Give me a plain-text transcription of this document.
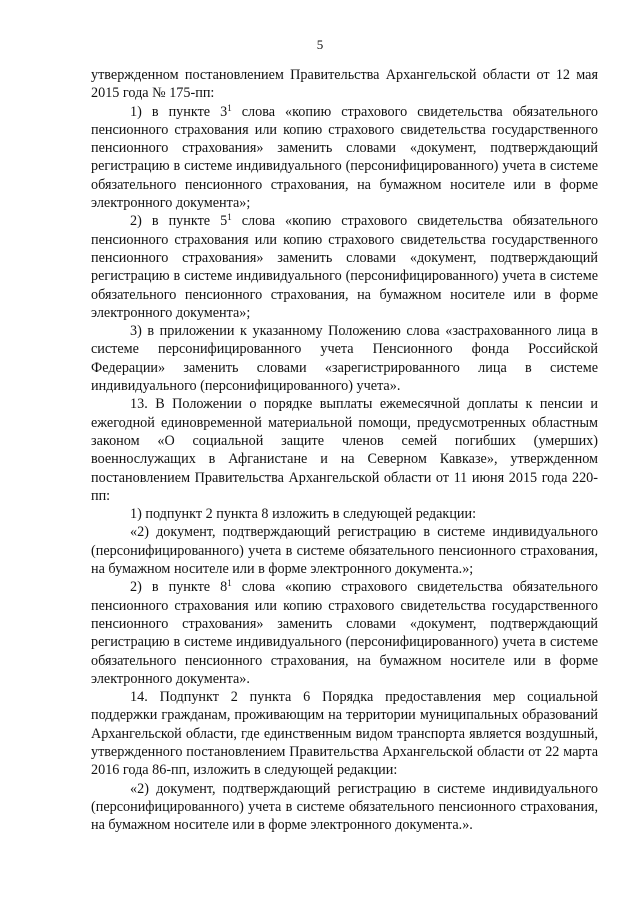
5

утвержденном постановлением Правительства Архангельской области от 12 мая 2015 года № 175-пп:

1) в пункте $3^1$ слова «копию страхового свидетельства обязательного пенсионного страхования или копию страхового свидетельства государственного пенсионного страхования» заменить словами «документ, подтверждающий регистрацию в системе индивидуального (персонифицированного) учета в системе обязательного пенсионного страхования, на бумажном носителе или в форме электронного документа»;

2) в пункте $5^1$ слова «копию страхового свидетельства обязательного пенсионного страхования или копию страхового свидетельства государственного пенсионного страхования» заменить словами «документ, подтверждающий регистрацию в системе индивидуального (персонифицированного) учета в системе обязательного пенсионного страхования, на бумажном носителе или в форме электронного документа»;

3) в приложении к указанному Положению слова «застрахованного лица в системе персонифицированного учета Пенсионного фонда Российской Федерации» заменить словами «зарегистрированного лица в системе индивидуального (персонифицированного) учета».

13. В Положении о порядке выплаты ежемесячной доплаты к пенсии и ежегодной единовременной материальной помощи, предусмотренных областным законом «О социальной защите членов семей погибших (умерших) военнослужащих в Афганистане и на Северном Кавказе», утвержденном постановлением Правительства Архангельской области от 11 июня 2015 года 220-пп:

1) подпункт 2 пункта 8 изложить в следующей редакции:

«2) документ, подтверждающий регистрацию в системе индивидуального (персонифицированного) учета в системе обязательного пенсионного страхования, на бумажном носителе или в форме электронного документа.»;

2) в пункте $8^1$ слова «копию страхового свидетельства обязательного пенсионного страхования или копию страхового свидетельства государственного пенсионного страхования» заменить словами «документ, подтверждающий регистрацию в системе индивидуального (персонифицированного) учета в системе обязательного пенсионного страхования, на бумажном носителе или в форме электронного документа».

14. Подпункт 2 пункта 6 Порядка предоставления мер социальной поддержки гражданам, проживающим на территории муниципальных образований Архангельской области, где единственным видом транспорта является воздушный, утвержденного постановлением Правительства Архангельской области от 22 марта 2016 года 86-пп, изложить в следующей редакции:

«2) документ, подтверждающий регистрацию в системе индивидуального (персонифицированного) учета в системе обязательного пенсионного страхования, на бумажном носителе или в форме электронного документа.».
